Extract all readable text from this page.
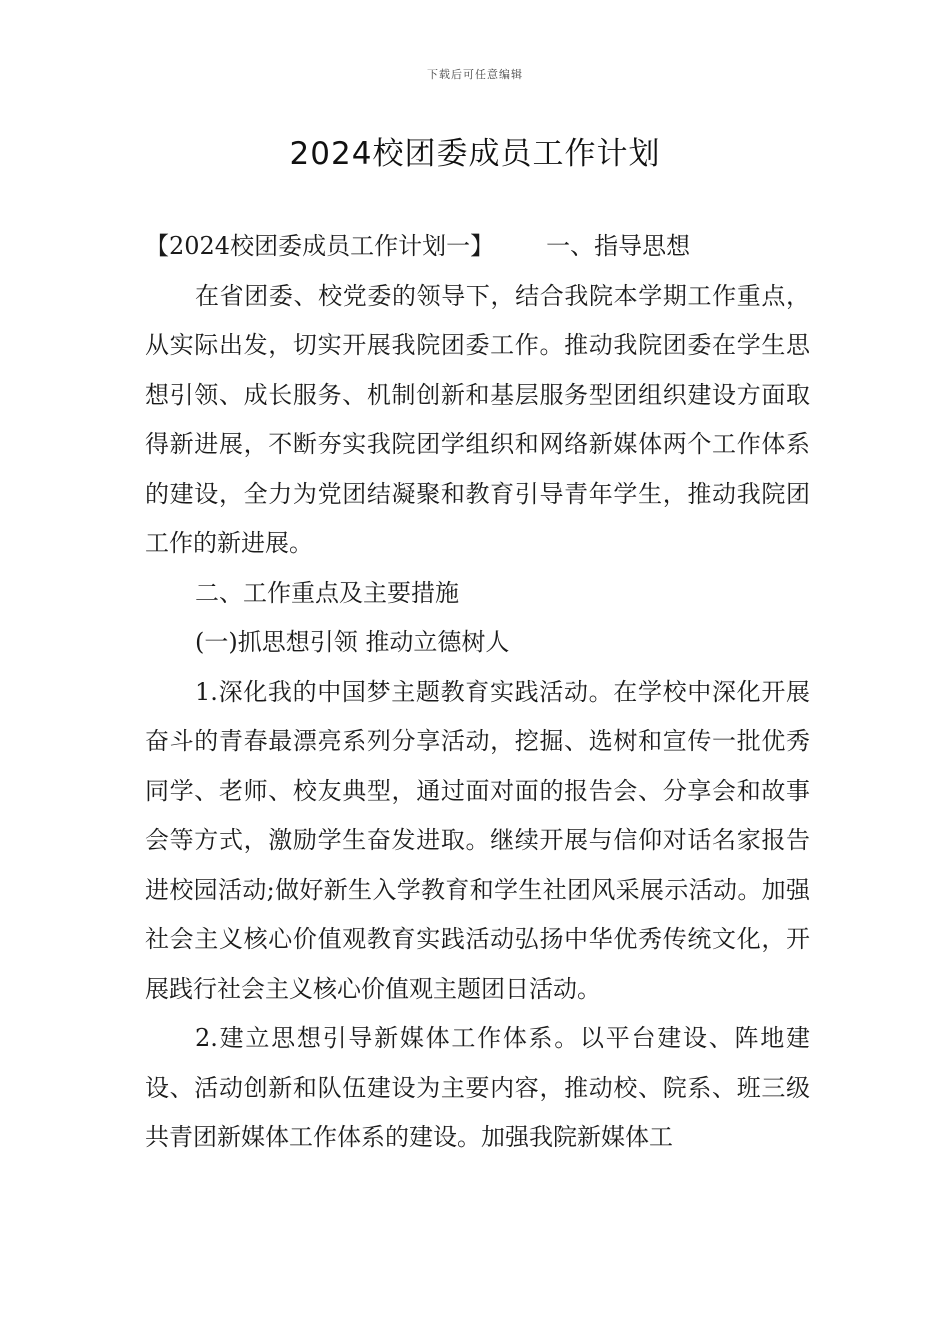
下载后可任意编辑
2024校团委成员工作计划

【2024校团委成员工作计划一】 一、指导思想

在省团委、校党委的领导下，结合我院本学期工作重点，从实际出发，切实开展我院团委工作。推动我院团委在学生思想引领、成长服务、机制创新和基层服务型团组织建设方面取得新进展，不断夯实我院团学组织和网络新媒体两个工作体系的建设，全力为党团结凝聚和教育引导青年学生，推动我院团工作的新进展。

二、工作重点及主要措施

(一)抓思想引领 推动立德树人

1.深化我的中国梦主题教育实践活动。在学校中深化开展奋斗的青春最漂亮系列分享活动，挖掘、选树和宣传一批优秀同学、老师、校友典型，通过面对面的报告会、分享会和故事会等方式，激励学生奋发进取。继续开展与信仰对话名家报告进校园活动;做好新生入学教育和学生社团风采展示活动。加强社会主义核心价值观教育实践活动弘扬中华优秀传统文化，开展践行社会主义核心价值观主题团日活动。

2.建立思想引导新媒体工作体系。以平台建设、阵地建设、活动创新和队伍建设为主要内容，推动校、院系、班三级共青团新媒体工作体系的建设。加强我院新媒体工
